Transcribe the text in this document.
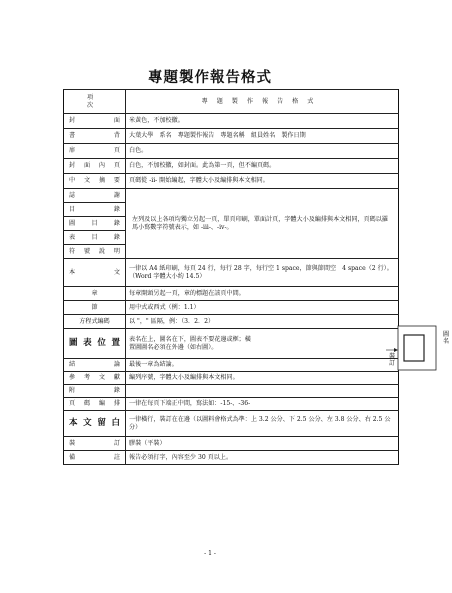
專題製作報告格式
項　　次	專題製作報告格式
封　　面	米黃色，不加校徽。
書　　背	大葉大學　系名　專題製作報告　專題名稱　組員姓名　製作日期
扉　　頁	白色。
封面內頁	白色，不加校徽，如封面。此為第一頁，但不編頁碼。
中文摘要	頁碼從 -ii- 開始編起，字體大小及編排與本文相同。
誌　謝	左列及以上各項均獨立另起一頁，單頁印刷，單面計頁，字體大小及編排與本文相同，頁碼以羅馬小寫數字符號表示，如 -iii-、-iv-。
目　錄	
圖目錄	
表目錄	
符號說明	
本　　文	一律以 A4 紙印刷，每頁 24 行，每行 28 字，每行空 1 space，節與節間空　4 space（2 行）。（Word 字體大小約 14.5）
章	每章開頭另起一頁，章的標題在該頁中間。
節	用中式或西式（例：1.1）
方程式編碼	以 "，" 區隔，例：（3．2．2）
圖表位置	表名在上，圖名在下，圖表不要花邊或框；橫置圖圖名必須在外邊（如右圖）。
裝訂
圖名

結　　論	最後一章為結論。
參考文獻	編列序號，字體大小及編排與本文相同。
附　　錄	
頁碼編排	一律在每頁下端正中間，寫法如：-15-、-36-
本文留白	一律橫行，裝訂在在邊（以圖料會格式為準：上 3.2 公分、下 2.5 公分、左 3.8 公分、右 2.5 公分）
裝　　訂	膠裝（平裝）
備　　註	報告必須打字，內容至少 30 頁以上。
- 1 -
